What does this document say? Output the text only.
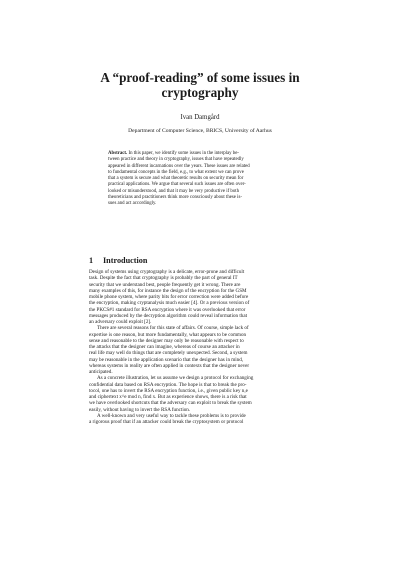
A “proof-reading” of some issues in
cryptography
Ivan Damgård
Department of Computer Science, BRICS, University of Aarhus
Abstract. In this paper, we identify some issues in the interplay be-
tween practice and theory in cryptography, issues that have repeatedly
appeared in different incarnations over the years. These issues are related
to fundamental concepts in the field, e.g., to what extent we can prove
that a system is secure and what theoretic results on security mean for
practical applications. We argue that several such issues are often over-
looked or misunderstood, and that it may be very productive if both
theoreticians and practitioners think more consciously about these is-
sues and act accordingly.
1 Introduction
Design of systems using cryptography is a delicate, error-prone and difficult
task. Despite the fact that cryptography is probably the part of general IT
security that we understand best, people frequently get it wrong. There are
many examples of this, for instance the design of the encryption for the GSM
mobile phone system, where parity bits for error correction were added before
the encryption, making cryptanalysis much easier [4]. Or a previous version of
the PKCS#1 standard for RSA encryption where it was overlooked that error
messages produced by the decryption algorithm could reveal information that
an adversary could exploit [2].
There are several reasons for this state of affairs. Of course, simple lack of
expertise is one reason, but more fundamentally, what appears to be common
sense and reasonable to the designer may only be reasonable with respect to
the attacks that the designer can imagine, whereas of course an attacker in
real life may well do things that are completely unexpected. Second, a system
may be reasonable in the application scenario that the designer has in mind,
whereas systems in reality are often applied in contexts that the designer never
anticipated.
As a concrete illustration, let us assume we design a protocol for exchanging
confidential data based on RSA encryption. The hope is that to break the pro-
tocol, one has to invert the RSA encryption function, i.e., given public key n,e
and ciphertext x^e mod n, find x. But as experience shows, there is a risk that
we have overlooked shortcuts that the adversary can exploit to break the system
easily, without having to invert the RSA function.
A well-known and very useful way to tackle these problems is to provide
a rigorous proof that if an attacker could break the cryptosystem or protocol
